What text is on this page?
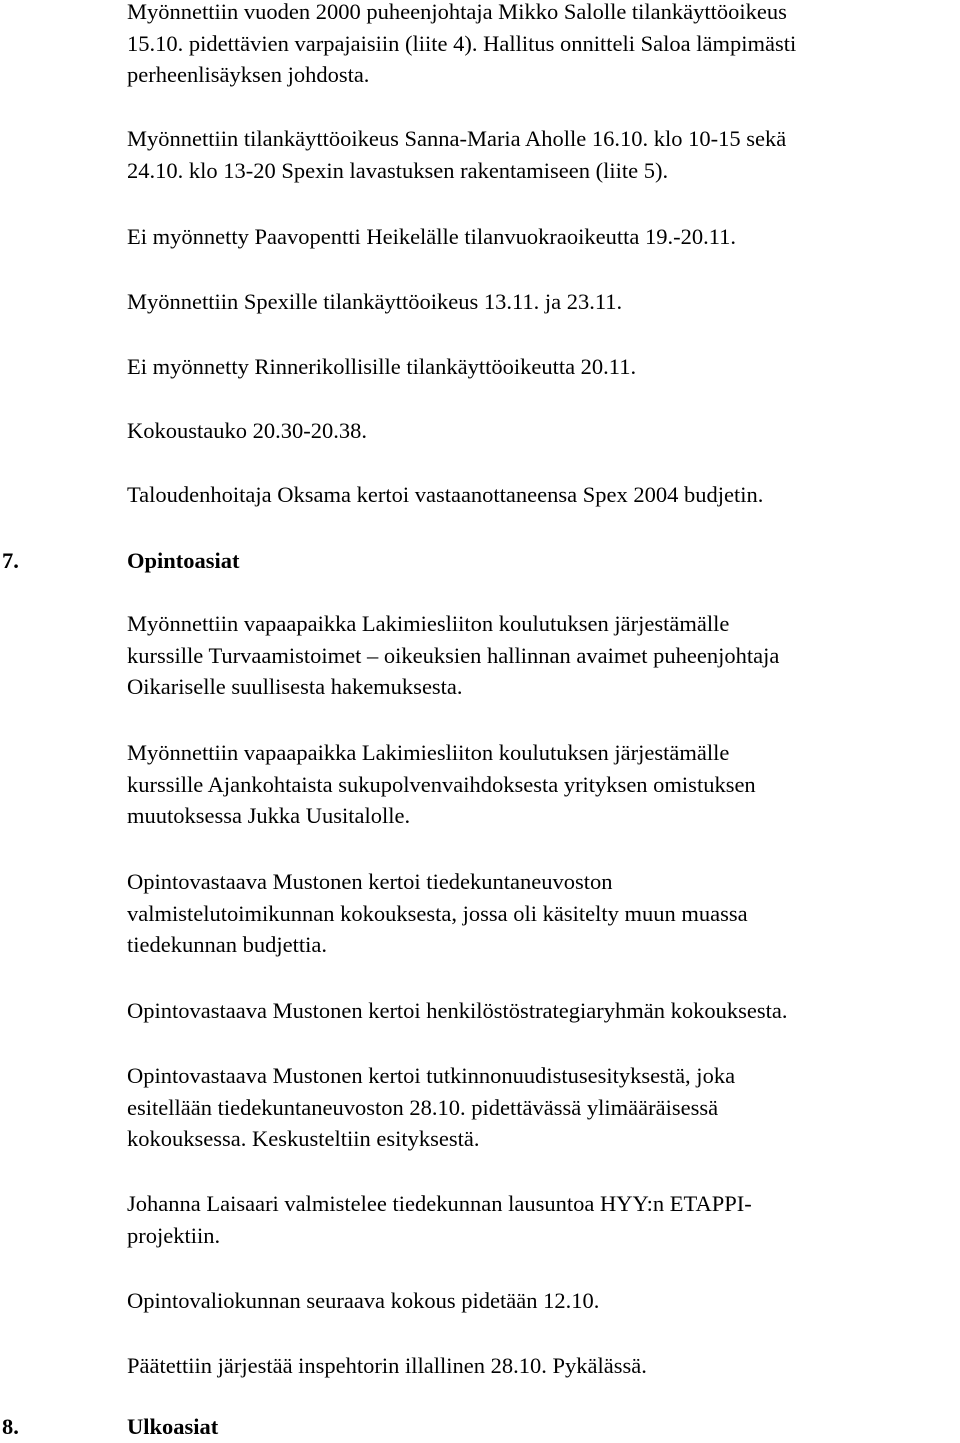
Myönnettiin vuoden 2000 puheenjohtaja Mikko Salolle tilankäyttöoikeus
15.10. pidettävien varpajaisiin (liite 4). Hallitus onnitteli Saloa lämpimästi
perheenlisäyksen johdosta.

Myönnettiin tilankäyttöoikeus Sanna-Maria Aholle 16.10. klo 10-15 sekä
24.10. klo 13-20 Spexin lavastuksen rakentamiseen (liite 5).

Ei myönnetty Paavopentti Heikelälle tilanvuokraoikeutta 19.-20.11.

Myönnettiin Spexille tilankäyttöoikeus 13.11. ja 23.11.

Ei myönnetty Rinnerikollisille tilankäyttöoikeutta 20.11.

Kokoustauko 20.30-20.38.

Taloudenhoitaja Oksama kertoi vastaanottaneensa Spex 2004 budjetin.

7.	Opintoasiat

Myönnettiin vapaapaikka Lakimiesliiton koulutuksen järjestämälle
kurssille Turvaamistoimet – oikeuksien hallinnan avaimet puheenjohtaja
Oikariselle suullisesta hakemuksesta.

Myönnettiin vapaapaikka Lakimiesliiton koulutuksen järjestämälle
kurssille Ajankohtaista sukupolvenvaihdoksesta yrityksen omistuksen
muutoksessa Jukka Uusitalolle.

Opintovastaava Mustonen kertoi tiedekuntaneuvoston
valmistelutoimikunnan kokouksesta, jossa oli käsitelty muun muassa
tiedekunnan budjettia.

Opintovastaava Mustonen kertoi henkilöstöstrategiaryhmän kokouksesta.

Opintovastaava Mustonen kertoi tutkinnonuudistusesityksestä, joka
esitellään tiedekuntaneuvoston 28.10. pidettävässä ylimääräisessä
kokouksessa. Keskusteltiin esityksestä.

Johanna Laisaari valmistelee tiedekunnan lausuntoa HYY:n ETAPPI-
projektiin.

Opintovaliokunnan seuraava kokous pidetään 12.10.

Päätettiin järjestää inspehtorin illallinen 28.10. Pykälässä.

8.	Ulkoasiat
